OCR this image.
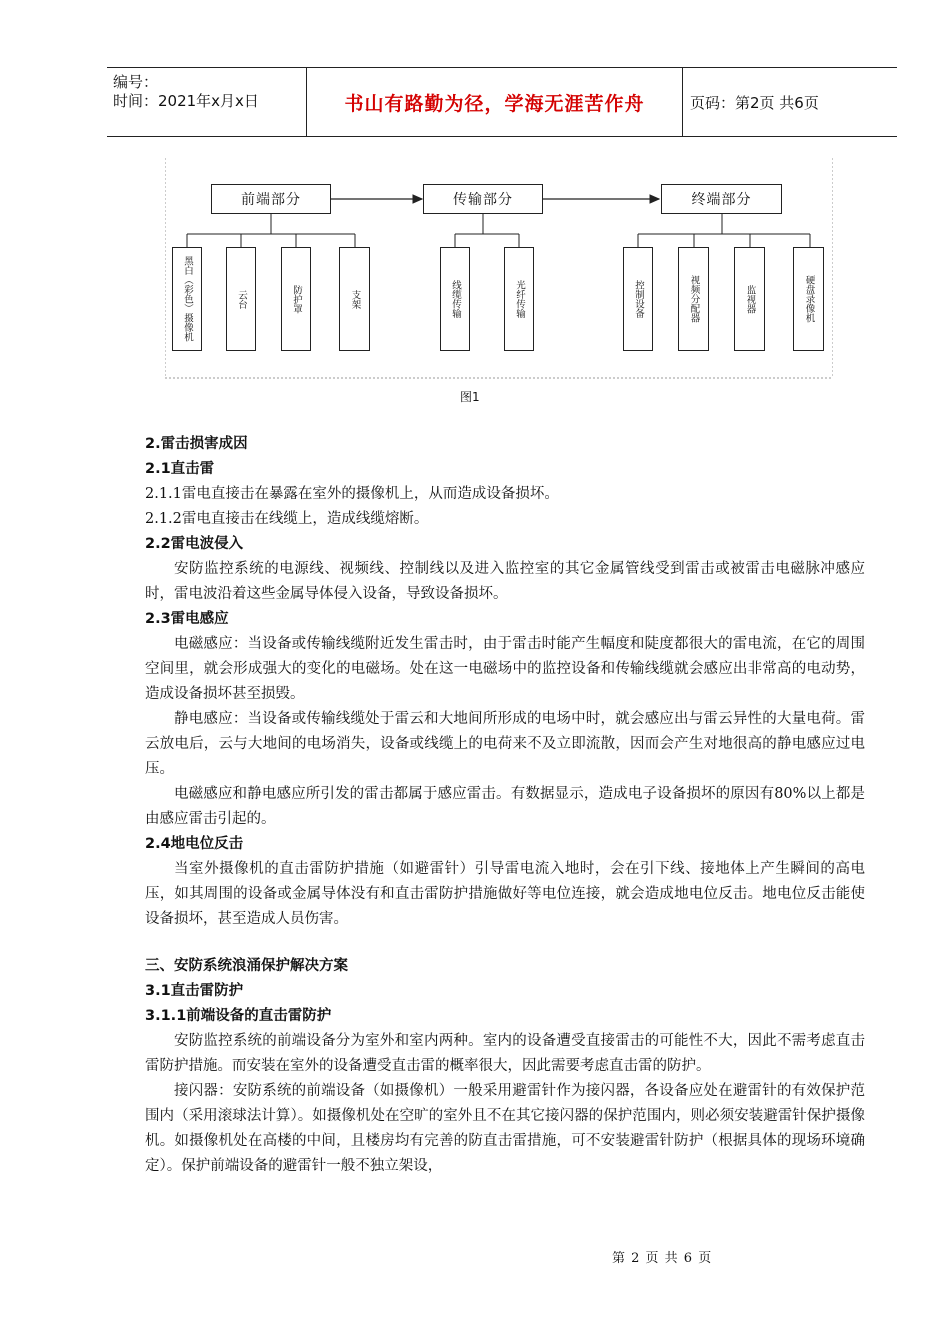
编号：
时间：2021年x月x日	书山有路勤为径，学海无涯苦作舟	页码：第2页 共6页
前端部分	传输部分	终端部分
黑白（彩色）摄像机	云台	防护罩	支架	线缆传输	光纤传输	控制设备	视频分配器	监视器	硬盘录像机
图1

2.雷击损害成因

2.1直击雷

2.1.1雷电直接击在暴露在室外的摄像机上，从而造成设备损坏。

2.1.2雷电直接击在线缆上，造成线缆熔断。

2.2雷电波侵入

安防监控系统的电源线、视频线、控制线以及进入监控室的其它金属管线受到雷击或被雷击电磁脉冲感应时，雷电波沿着这些金属导体侵入设备，导致设备损坏。

2.3雷电感应

电磁感应：当设备或传输线缆附近发生雷击时，由于雷击时能产生幅度和陡度都很大的雷电流，在它的周围空间里，就会形成强大的变化的电磁场。处在这一电磁场中的监控设备和传输线缆就会感应出非常高的电动势，造成设备损坏甚至损毁。

静电感应：当设备或传输线缆处于雷云和大地间所形成的电场中时，就会感应出与雷云异性的大量电荷。雷云放电后，云与大地间的电场消失，设备或线缆上的电荷来不及立即流散，因而会产生对地很高的静电感应过电压。

电磁感应和静电感应所引发的雷击都属于感应雷击。有数据显示，造成电子设备损坏的原因有80%以上都是由感应雷击引起的。

2.4地电位反击

当室外摄像机的直击雷防护措施（如避雷针）引导雷电流入地时，会在引下线、接地体上产生瞬间的高电压，如其周围的设备或金属导体没有和直击雷防护措施做好等电位连接，就会造成地电位反击。地电位反击能使设备损坏，甚至造成人员伤害。

三、安防系统浪涌保护解决方案

3.1直击雷防护

3.1.1前端设备的直击雷防护

安防监控系统的前端设备分为室外和室内两种。室内的设备遭受直接雷击的可能性不大，因此不需考虑直击雷防护措施。而安装在室外的设备遭受直击雷的概率很大，因此需要考虑直击雷的防护。

接闪器：安防系统的前端设备（如摄像机）一般采用避雷针作为接闪器，各设备应处在避雷针的有效保护范围内（采用滚球法计算）。如摄像机处在空旷的室外且不在其它接闪器的保护范围内，则必须安装避雷针保护摄像机。如摄像机处在高楼的中间，且楼房均有完善的防直击雷措施，可不安装避雷针防护（根据具体的现场环境确定）。保护前端设备的避雷针一般不独立架设，

第 2 页 共 6 页
